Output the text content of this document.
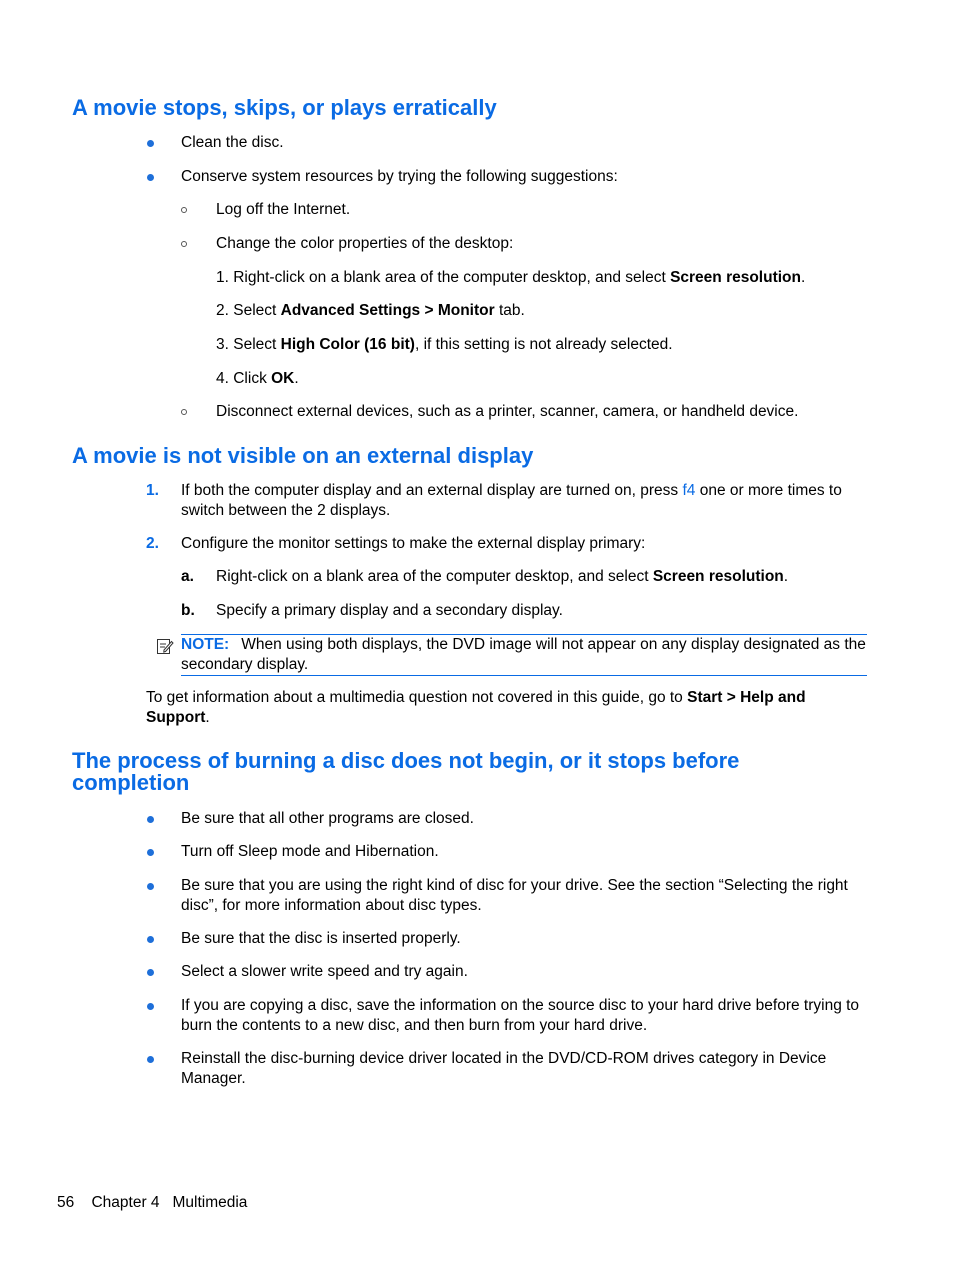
A movie stops, skips, or plays erratically
Clean the disc.
Conserve system resources by trying the following suggestions:
Log off the Internet.
Change the color properties of the desktop:
1. Right-click on a blank area of the computer desktop, and select Screen resolution.
2. Select Advanced Settings > Monitor tab.
3. Select High Color (16 bit), if this setting is not already selected.
4. Click OK.
Disconnect external devices, such as a printer, scanner, camera, or handheld device.
A movie is not visible on an external display
1. If both the computer display and an external display are turned on, press f4 one or more times to switch between the 2 displays.
2. Configure the monitor settings to make the external display primary:
a. Right-click on a blank area of the computer desktop, and select Screen resolution.
b. Specify a primary display and a secondary display.
NOTE: When using both displays, the DVD image will not appear on any display designated as the secondary display.
To get information about a multimedia question not covered in this guide, go to Start > Help and Support.
The process of burning a disc does not begin, or it stops before
completion
Be sure that all other programs are closed.
Turn off Sleep mode and Hibernation.
Be sure that you are using the right kind of disc for your drive. See the section “Selecting the right disc”, for more information about disc types.
Be sure that the disc is inserted properly.
Select a slower write speed and try again.
If you are copying a disc, save the information on the source disc to your hard drive before trying to burn the contents to a new disc, and then burn from your hard drive.
Reinstall the disc-burning device driver located in the DVD/CD-ROM drives category in Device Manager.
56 Chapter 4 Multimedia
